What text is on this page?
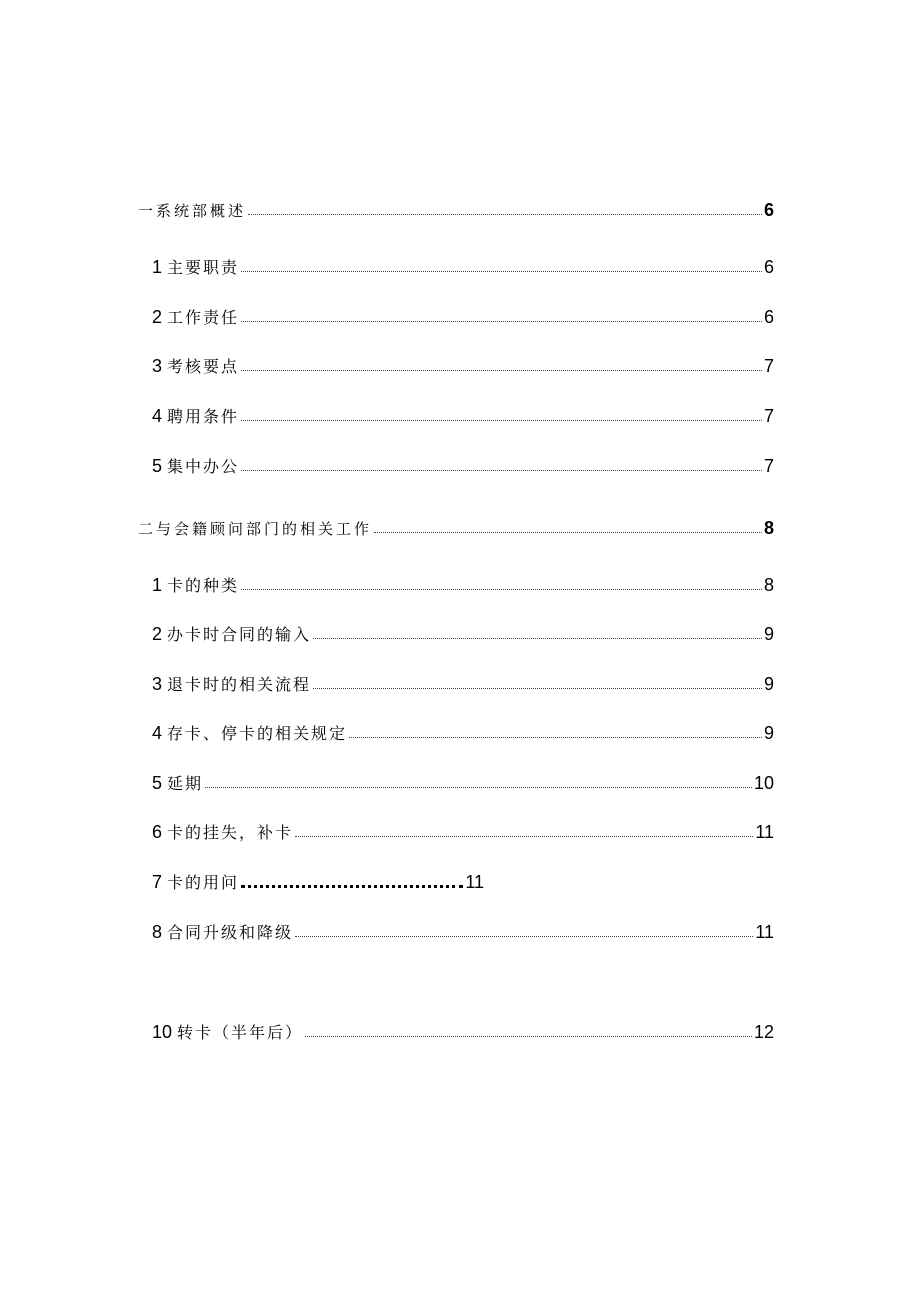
一系统部概述	6
1 主要职责	6
2 工作责任	6
3 考核要点	7
4 聘用条件	7
5 集中办公	7
二与会籍顾问部门的相关工作	8
1 卡的种类	8
2 办卡时合同的输入	9
3 退卡时的相关流程	9
4 存卡、停卡的相关规定	9
5 延期	10
6 卡的挂失，补卡	11
7 卡的用问	11
8 合同升级和降级	11
10 转卡（半年后）	12
